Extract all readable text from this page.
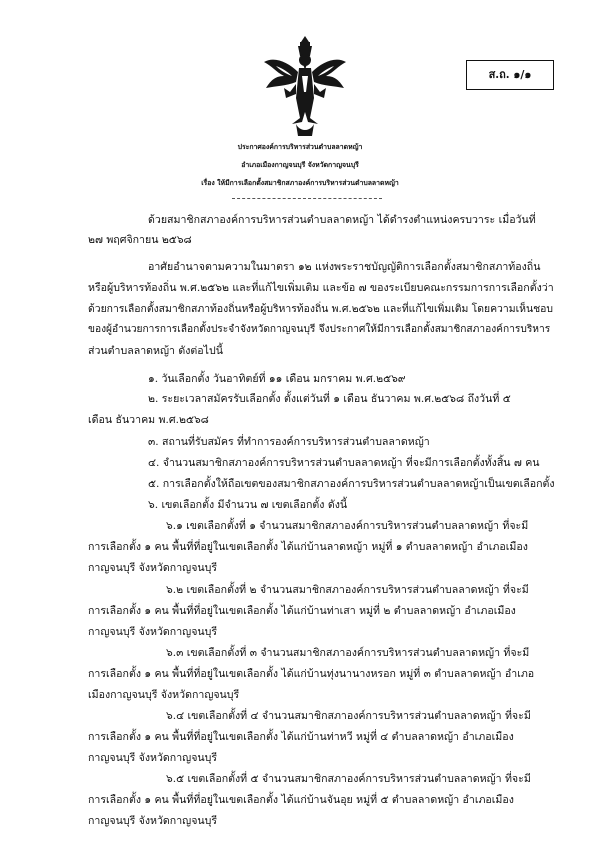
ส.ถ. ๑/๑
ประกาศองค์การบริหารส่วนตำบลลาดหญ้า
อำเภอเมืองกาญจนบุรี จังหวัดกาญจนบุรี
เรื่อง ให้มีการเลือกตั้งสมาชิกสภาองค์การบริหารส่วนตำบลลาดหญ้า
ด้วยสมาชิกสภาองค์การบริหารส่วนตำบลลาดหญ้า ได้ดำรงตำแหน่งครบวาระ เมื่อวันที่
๒๗ พฤศจิกายน ๒๕๖๘
อาศัยอำนาจตามความในมาตรา ๑๒ แห่งพระราชบัญญัติการเลือกตั้งสมาชิกสภาท้องถิ่น
หรือผู้บริหารท้องถิ่น พ.ศ.๒๕๖๒ และที่แก้ไขเพิ่มเติม และข้อ ๗ ของระเบียบคณะกรรมการการเลือกตั้งว่า
ด้วยการเลือกตั้งสมาชิกสภาท้องถิ่นหรือผู้บริหารท้องถิ่น พ.ศ.๒๕๖๒ และที่แก้ไขเพิ่มเติม โดยความเห็นชอบ
ของผู้อำนวยการการเลือกตั้งประจำจังหวัดกาญจนบุรี จึงประกาศให้มีการเลือกตั้งสมาชิกสภาองค์การบริหาร
ส่วนตำบลลาดหญ้า ดังต่อไปนี้
๑. วันเลือกตั้ง วันอาทิตย์ที่ ๑๑ เดือน มกราคม พ.ศ.๒๕๖๙
๒. ระยะเวลาสมัครรับเลือกตั้ง ตั้งแต่วันที่ ๑ เดือน ธันวาคม พ.ศ.๒๕๖๘ ถึงวันที่ ๕
เดือน ธันวาคม พ.ศ.๒๕๖๘
๓. สถานที่รับสมัคร ที่ทำการองค์การบริหารส่วนตำบลลาดหญ้า
๔. จำนวนสมาชิกสภาองค์การบริหารส่วนตำบลลาดหญ้า ที่จะมีการเลือกตั้งทั้งสิ้น ๗ คน
๕. การเลือกตั้งให้ถือเขตของสมาชิกสภาองค์การบริหารส่วนตำบลลาดหญ้าเป็นเขตเลือกตั้ง
๖. เขตเลือกตั้ง มีจำนวน ๗ เขตเลือกตั้ง ดังนี้
๖.๑ เขตเลือกตั้งที่ ๑ จำนวนสมาชิกสภาองค์การบริหารส่วนตำบลลาดหญ้า ที่จะมี
การเลือกตั้ง ๑ คน พื้นที่ที่อยู่ในเขตเลือกตั้ง ได้แก่บ้านลาดหญ้า หมู่ที่ ๑ ตำบลลาดหญ้า อำเภอเมือง
กาญจนบุรี จังหวัดกาญจนบุรี
๖.๒ เขตเลือกตั้งที่ ๒ จำนวนสมาชิกสภาองค์การบริหารส่วนตำบลลาดหญ้า ที่จะมี
การเลือกตั้ง ๑ คน พื้นที่ที่อยู่ในเขตเลือกตั้ง ได้แก่บ้านท่าเสา หมู่ที่ ๒ ตำบลลาดหญ้า อำเภอเมือง
กาญจนบุรี จังหวัดกาญจนบุรี
๖.๓ เขตเลือกตั้งที่ ๓ จำนวนสมาชิกสภาองค์การบริหารส่วนตำบลลาดหญ้า ที่จะมี
การเลือกตั้ง ๑ คน พื้นที่ที่อยู่ในเขตเลือกตั้ง ได้แก่บ้านทุ่งนานางหรอก หมู่ที่ ๓ ตำบลลาดหญ้า อำเภอ
เมืองกาญจนบุรี จังหวัดกาญจนบุรี
๖.๔ เขตเลือกตั้งที่ ๔ จำนวนสมาชิกสภาองค์การบริหารส่วนตำบลลาดหญ้า ที่จะมี
การเลือกตั้ง ๑ คน พื้นที่ที่อยู่ในเขตเลือกตั้ง ได้แก่บ้านท่าหวี หมู่ที่ ๔ ตำบลลาดหญ้า อำเภอเมือง
กาญจนบุรี จังหวัดกาญจนบุรี
๖.๕ เขตเลือกตั้งที่ ๕ จำนวนสมาชิกสภาองค์การบริหารส่วนตำบลลาดหญ้า ที่จะมี
การเลือกตั้ง ๑ คน พื้นที่ที่อยู่ในเขตเลือกตั้ง ได้แก่บ้านจันอุย หมู่ที่ ๕ ตำบลลาดหญ้า อำเภอเมือง
กาญจนบุรี จังหวัดกาญจนบุรี
